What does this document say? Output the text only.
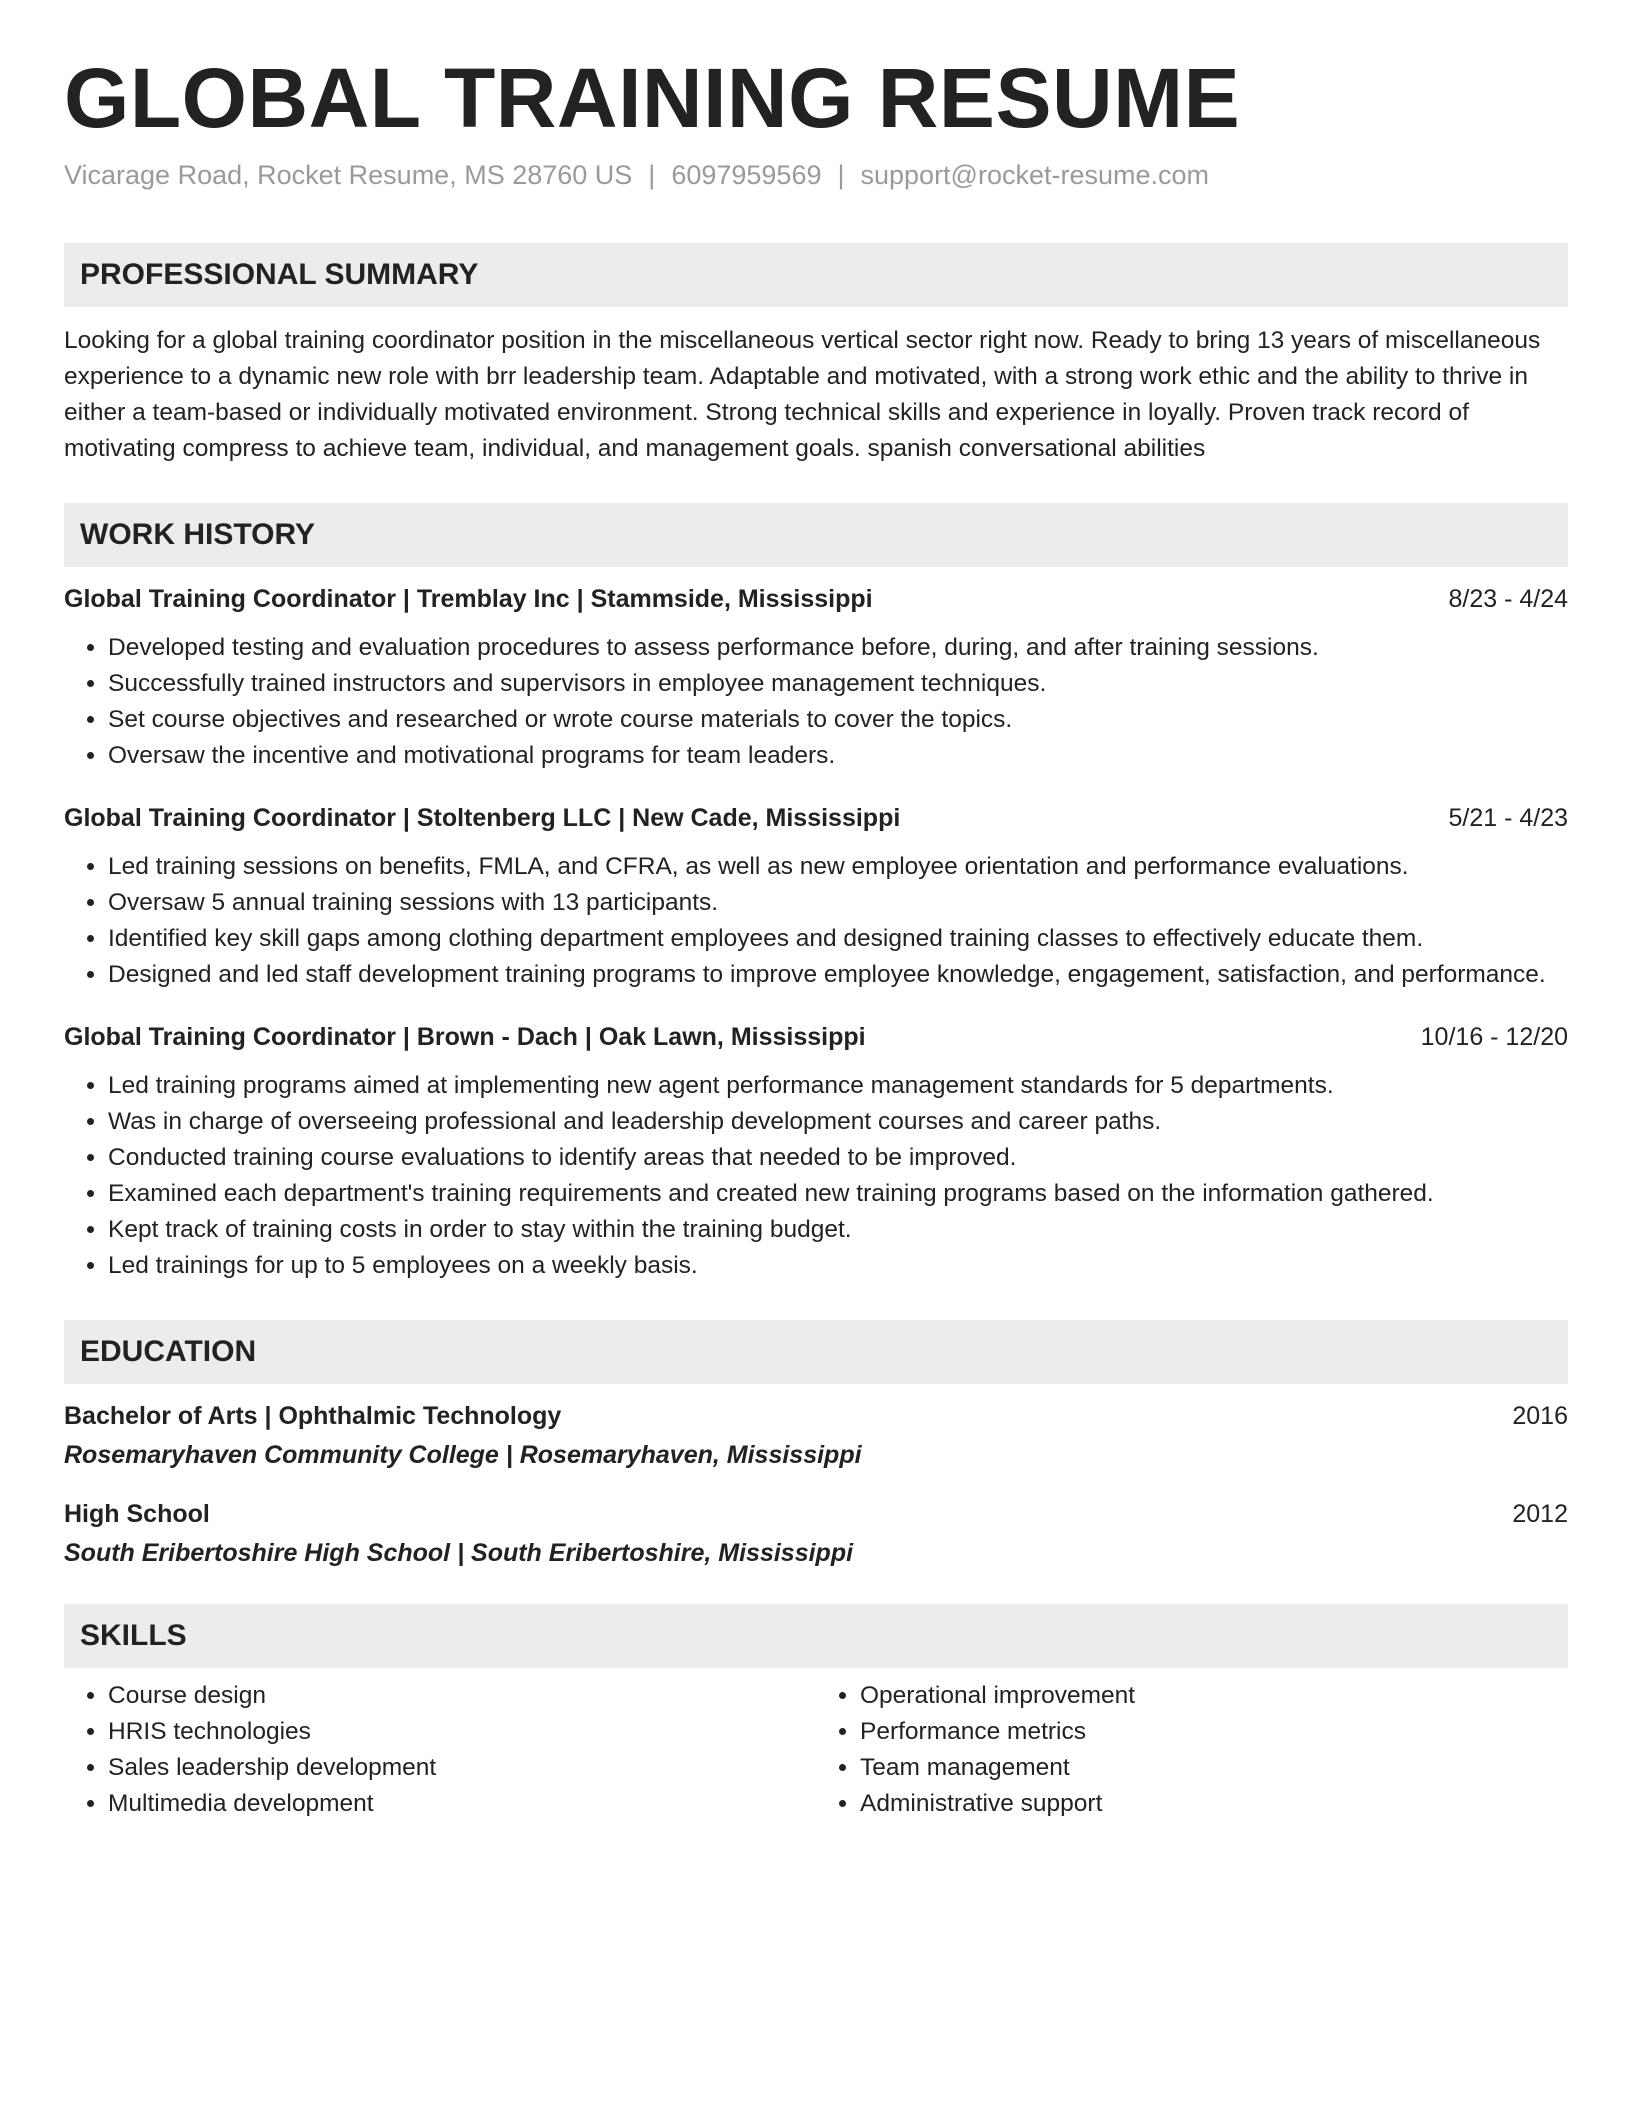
GLOBAL TRAINING RESUME
Vicarage Road, Rocket Resume, MS 28760 US | 6097959569 | support@rocket-resume.com
PROFESSIONAL SUMMARY
Looking for a global training coordinator position in the miscellaneous vertical sector right now. Ready to bring 13 years of miscellaneous experience to a dynamic new role with brr leadership team. Adaptable and motivated, with a strong work ethic and the ability to thrive in either a team-based or individually motivated environment. Strong technical skills and experience in loyally. Proven track record of motivating compress to achieve team, individual, and management goals. spanish conversational abilities
WORK HISTORY
Global Training Coordinator | Tremblay Inc | Stammside, Mississippi	8/23 - 4/24
• Developed testing and evaluation procedures to assess performance before, during, and after training sessions.
• Successfully trained instructors and supervisors in employee management techniques.
• Set course objectives and researched or wrote course materials to cover the topics.
• Oversaw the incentive and motivational programs for team leaders.
Global Training Coordinator | Stoltenberg LLC | New Cade, Mississippi	5/21 - 4/23
• Led training sessions on benefits, FMLA, and CFRA, as well as new employee orientation and performance evaluations.
• Oversaw 5 annual training sessions with 13 participants.
• Identified key skill gaps among clothing department employees and designed training classes to effectively educate them.
• Designed and led staff development training programs to improve employee knowledge, engagement, satisfaction, and performance.
Global Training Coordinator | Brown - Dach | Oak Lawn, Mississippi	10/16 - 12/20
• Led training programs aimed at implementing new agent performance management standards for 5 departments.
• Was in charge of overseeing professional and leadership development courses and career paths.
• Conducted training course evaluations to identify areas that needed to be improved.
• Examined each department's training requirements and created new training programs based on the information gathered.
• Kept track of training costs in order to stay within the training budget.
• Led trainings for up to 5 employees on a weekly basis.
EDUCATION
Bachelor of Arts | Ophthalmic Technology	2016
Rosemaryhaven Community College | Rosemaryhaven, Mississippi
High School	2012
South Eribertoshire High School | South Eribertoshire, Mississippi
SKILLS
• Course design
• HRIS technologies
• Sales leadership development
• Multimedia development
• Operational improvement
• Performance metrics
• Team management
• Administrative support
